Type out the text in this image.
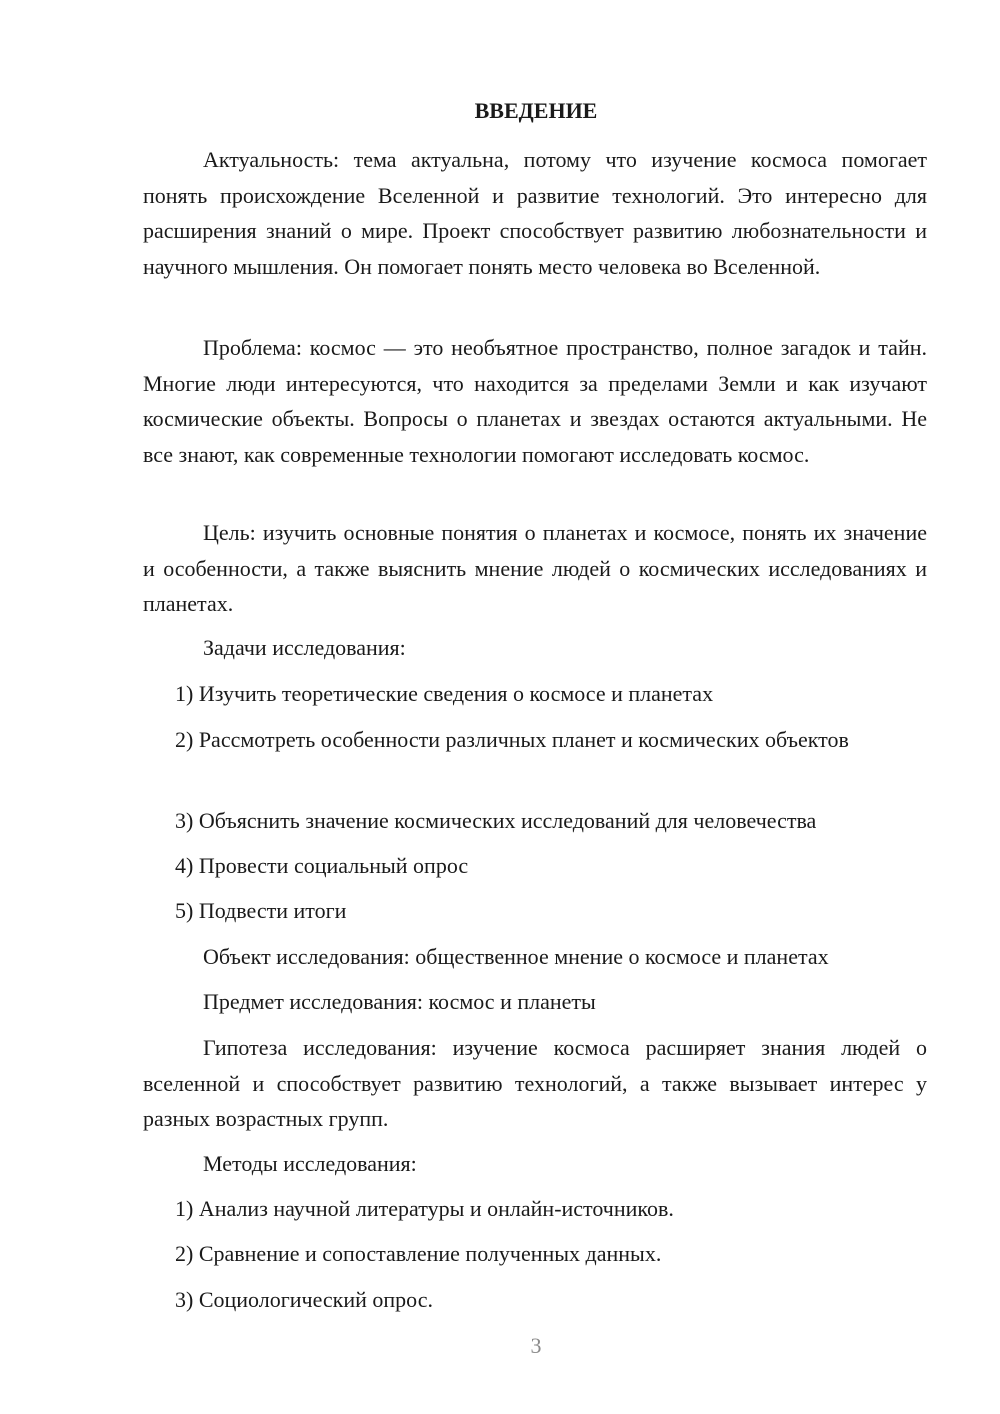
ВВЕДЕНИЕ

Актуальность: тема актуальна, потому что изучение космоса помогает понять происхождение Вселенной и развитие технологий. Это интересно для расширения знаний о мире. Проект способствует развитию любознательности и научного мышления. Он помогает понять место человека во Вселенной.

Проблема: космос — это необъятное пространство, полное загадок и тайн. Многие люди интересуются, что находится за пределами Земли и как изучают космические объекты. Вопросы о планетах и звездах остаются актуальными. Не все знают, как современные технологии помогают исследовать космос.

Цель: изучить основные понятия о планетах и космосе, понять их значение и особенности, а также выяснить мнение людей о космических исследованиях и планетах.

Задачи исследования:

1) Изучить теоретические сведения о космосе и планетах

2) Рассмотреть особенности различных планет и космических объектов

3) Объяснить значение космических исследований для человечества

4) Провести социальный опрос

5) Подвести итоги

Объект исследования: общественное мнение о космосе и планетах

Предмет исследования: космос и планеты

Гипотеза исследования: изучение космоса расширяет знания людей о вселенной и способствует развитию технологий, а также вызывает интерес у разных возрастных групп.

Методы исследования:

1) Анализ научной литературы и онлайн-источников.

2) Сравнение и сопоставление полученных данных.

3) Социологический опрос.

3
